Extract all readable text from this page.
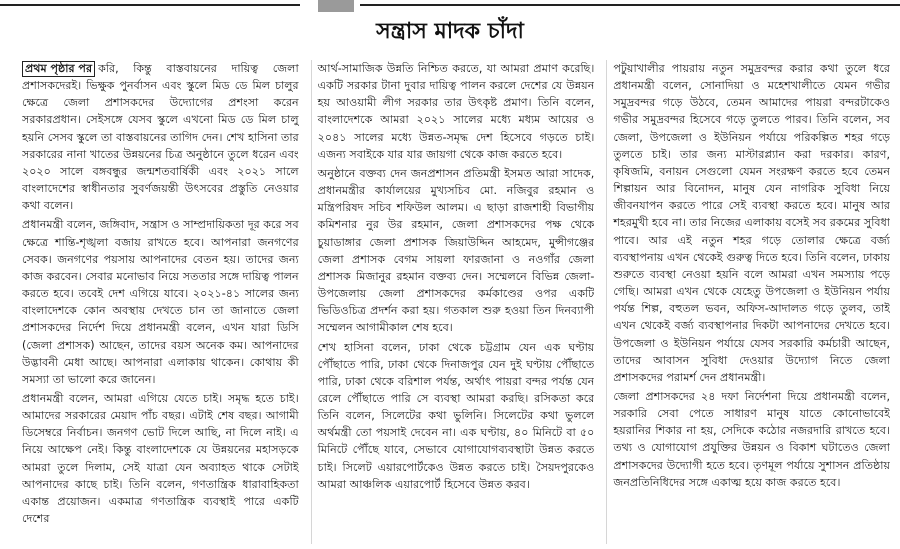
সন্ত্রাস মাদক চাঁদা

প্রথম পৃষ্ঠার পর করি, কিন্তু বাস্তবায়নের দায়িত্ব জেলা প্রশাসকদেরই। ভিক্ষুক পুনর্বাসন এবং স্কুলে মিড ডে মিল চালুর ক্ষেত্রে জেলা প্রশাসকদের উদ্যোগের প্রশংসা করেন সরকারপ্রধান। সেইসঙ্গে যেসব স্কুলে এখনো মিড ডে মিল চালু হয়নি সেসব স্কুলে তা বাস্তবায়নের তাগিদ দেন। শেখ হাসিনা তার সরকারের নানা খাতের উন্নয়নের চিত্র অনুষ্ঠানে তুলে ধরেন এবং ২০২০ সালে বঙ্গবন্ধুর জন্মশতবার্ষিকী এবং ২০২১ সালে বাংলাদেশের স্বাধীনতার সুবর্ণজয়ন্তী উৎসবের প্রস্তুতি নেওয়ার কথা বলেন।

প্রধানমন্ত্রী বলেন, জঙ্গিবাদ, সন্ত্রাস ও সাম্প্রদায়িকতা দূর করে সব ক্ষেত্রে শান্তি-শৃঙ্খলা বজায় রাখতে হবে। আপনারা জনগণের সেবক। জনগণের পয়সায় আপনাদের বেতন হয়। তাদের জন্য কাজ করবেন। সেবার মনোভাব নিয়ে সততার সঙ্গে দায়িত্ব পালন করতে হবে। তবেই দেশ এগিয়ে যাবে। ২০২১-৪১ সালের জন্য বাংলাদেশকে কোন অবস্থায় দেখতে চান তা জানাতে জেলা প্রশাসকদের নির্দেশ দিয়ে প্রধানমন্ত্রী বলেন, এখন যারা ডিসি (জেলা প্রশাসক) আছেন, তাদের বয়স অনেক কম। আপনাদের উদ্ভাবনী মেধা আছে। আপনারা এলাকায় থাকেন। কোথায় কী সমস্যা তা ভালো করে জানেন।

প্রধানমন্ত্রী বলেন, আমরা এগিয়ে যেতে চাই। সমৃদ্ধ হতে চাই। আমাদের সরকারের মেয়াদ পাঁচ বছর। এটাই শেষ বছর। আগামী ডিসেম্বরে নির্বাচন। জনগণ ভোট দিলে আছি, না দিলে নাই। এ নিয়ে আক্ষেপ নেই। কিন্তু বাংলাদেশকে যে উন্নয়নের মহাসড়কে আমরা তুলে দিলাম, সেই যাত্রা যেন অব্যাহত থাকে সেটাই আপনাদের কাছে চাই। তিনি বলেন, গণতান্ত্রিক ধারাবাহিকতা একান্ত প্রয়োজন। একমাত্র গণতান্ত্রিক ব্যবস্থাই পারে একটি দেশের

আর্থ-সামাজিক উন্নতি নিশ্চিত করতে, যা আমরা প্রমাণ করেছি। একটি সরকার টানা দুবার দায়িত্ব পালন করলে দেশের যে উন্নয়ন হয় আওয়ামী লীগ সরকার তার উৎকৃষ্ট প্রমাণ। তিনি বলেন, বাংলাদেশকে আমরা ২০২১ সালের মধ্যে মধ্যম আয়ের ও ২০৪১ সালের মধ্যে উন্নত-সমৃদ্ধ দেশ হিসেবে গড়তে চাই। এজন্য সবাইকে যার যার জায়গা থেকে কাজ করতে হবে।

অনুষ্ঠানে বক্তব্য দেন জনপ্রশাসন প্রতিমন্ত্রী ইসমত আরা সাদেক, প্রধানমন্ত্রীর কার্যালয়ের মুখ্যসচিব মো. নজিবুর রহমান ও মন্ত্রিপরিষদ সচিব শফিউল আলম। এ ছাড়া রাজশাহী বিভাগীয় কমিশনার নুর উর রহমান, জেলা প্রশাসকদের পক্ষ থেকে চুয়াডাঙ্গার জেলা প্রশাসক জিয়াউদ্দিন আহমেদ, মুন্সীগঞ্জের জেলা প্রশাসক বেগম সায়লা ফারজানা ও নওগাঁর জেলা প্রশাসক মিজানুর রহমান বক্তব্য দেন। সম্মেলনে বিভিন্ন জেলা-উপজেলায় জেলা প্রশাসকদের কর্মকাণ্ডের ওপর একটি ভিডিওচিত্র প্রদর্শন করা হয়। গতকাল শুরু হওয়া তিন দিনব্যাপী সম্মেলন আগামীকাল শেষ হবে।

শেখ হাসিনা বলেন, ঢাকা থেকে চট্টগ্রাম যেন এক ঘণ্টায় পৌঁছাতে পারি, ঢাকা থেকে দিনাজপুর যেন দুই ঘণ্টায় পৌঁছাতে পারি, ঢাকা থেকে বরিশাল পর্যন্ত, অর্থাৎ পায়রা বন্দর পর্যন্ত যেন রেলে পৌঁছাতে পারি সে ব্যবস্থা আমরা করছি। রসিকতা করে তিনি বলেন, সিলেটের কথা ভুলিনি। সিলেটের কথা ভুললে অর্থমন্ত্রী তো পয়সাই দেবেন না। এক ঘণ্টায়, ৪০ মিনিটে বা ৫০ মিনিটে পৌঁছে যাবে, সেভাবে যোগাযোগব্যবস্থাটা উন্নত করতে চাই। সিলেট এয়ারপোর্টকেও উন্নত করতে চাই। সৈয়দপুরকেও আমরা আঞ্চলিক এয়ারপোর্ট হিসেবে উন্নত করব।

পটুয়াখালীর পায়রায় নতুন সমুদ্রবন্দর করার কথা তুলে ধরে প্রধানমন্ত্রী বলেন, সোনাদিয়া ও মহেশখালীতে যেমন গভীর সমুদ্রবন্দর গড়ে উঠবে, তেমন আমাদের পায়রা বন্দরটাকেও গভীর সমুদ্রবন্দর হিসেবে গড়ে তুলতে পারব। তিনি বলেন, সব জেলা, উপজেলা ও ইউনিয়ন পর্যায়ে পরিকল্পিত শহর গড়ে তুলতে চাই। তার জন্য মাস্টারপ্ল্যান করা দরকার। কারণ, কৃষিজমি, বনায়ন সেগুলো যেমন সংরক্ষণ করতে হবে তেমন শিল্পায়ন আর বিনোদন, মানুষ যেন নাগরিক সুবিধা নিয়ে জীবনযাপন করতে পারে সেই ব্যবস্থা করতে হবে। মানুষ আর শহরমুখী হবে না। তার নিজের এলাকায় বসেই সব রকমের সুবিধা পাবে। আর এই নতুন শহর গড়ে তোলার ক্ষেত্রে বর্জ্য ব্যবস্থাপনায় এখন থেকেই গুরুত্ব দিতে হবে। তিনি বলেন, ঢাকায় শুরুতে ব্যবস্থা নেওয়া হয়নি বলে আমরা এখন সমস্যায় পড়ে গেছি। আমরা এখন থেকে যেহেতু উপজেলা ও ইউনিয়ন পর্যায় পর্যন্ত শিল্প, বহুতল ভবন, অফিস-আদালত গড়ে তুলব, তাই এখন থেকেই বর্জ্য ব্যবস্থাপনার দিকটা আপনাদের দেখতে হবে। উপজেলা ও ইউনিয়ন পর্যায়ে যেসব সরকারি কর্মচারী আছেন, তাদের আবাসন সুবিধা দেওয়ার উদ্যোগ নিতে জেলা প্রশাসকদের পরামর্শ দেন প্রধানমন্ত্রী।

জেলা প্রশাসকদের ২৪ দফা নির্দেশনা দিয়ে প্রধানমন্ত্রী বলেন, সরকারি সেবা পেতে সাধারণ মানুষ যাতে কোনোভাবেই হয়রানির শিকার না হয়, সেদিকে কঠোর নজরদারি রাখতে হবে। তথ্য ও যোগাযোগ প্রযুক্তির উন্নয়ন ও বিকাশ ঘটাতেও জেলা প্রশাসকদের উদ্যোগী হতে হবে। তৃণমূল পর্যায়ে সুশাসন প্রতিষ্ঠায় জনপ্রতিনিধিদের সঙ্গে একাত্ম হয়ে কাজ করতে হবে।
